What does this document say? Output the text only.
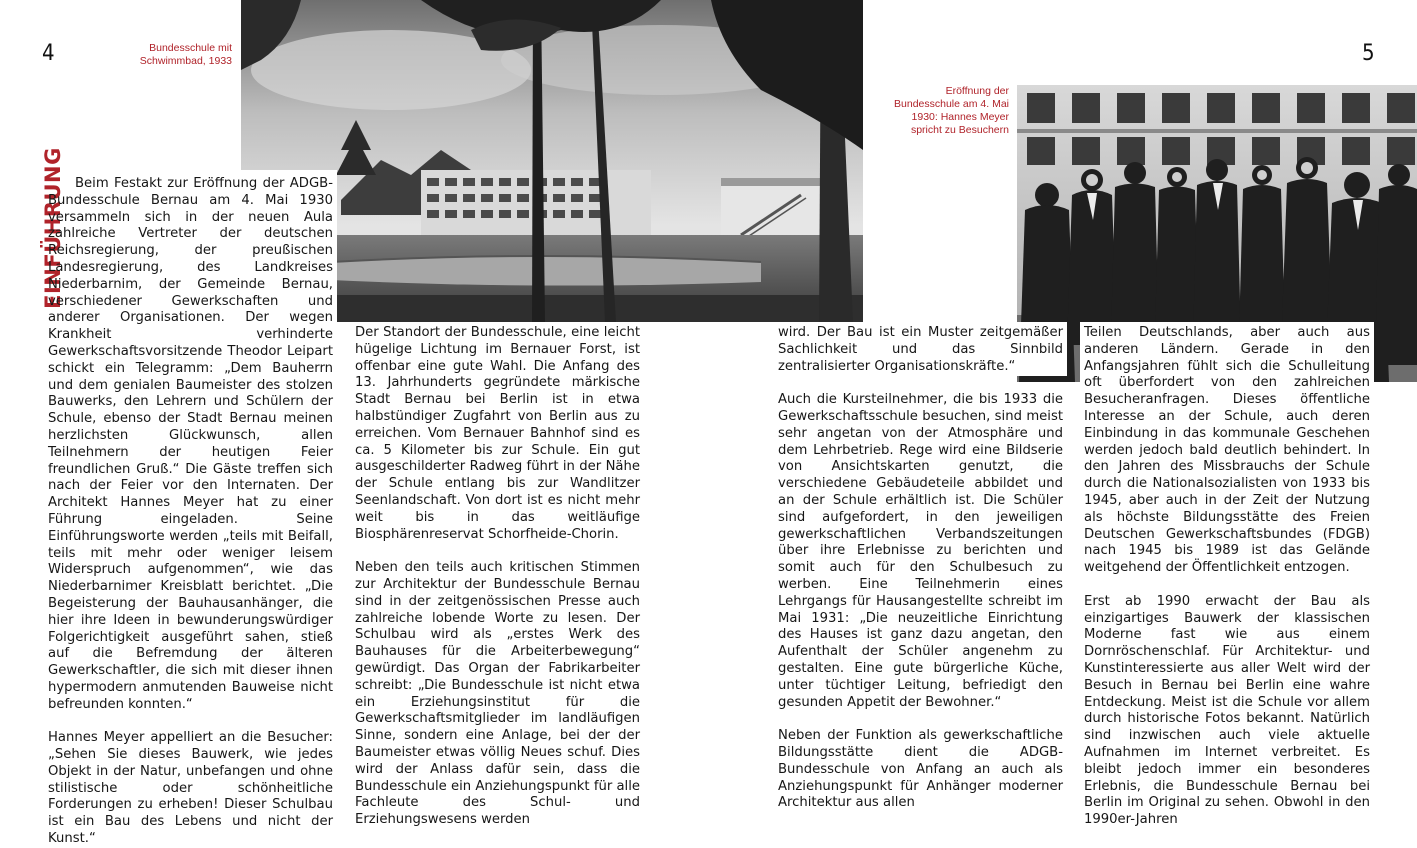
4	5
Bundesschule mit
Schwimmbad, 1933
Eröffnung der
Bundesschule am 4. Mai
1930: Hannes Meyer
spricht zu Besuchern
EINFÜHRUNG Beim Festakt zur Eröffnung der ADGB-Bundesschule Bernau am 4. Mai 1930 versammeln sich in der neuen Aula zahlreiche Vertreter der deutschen Reichsregierung, der preußischen Landesregierung, des Landkreises Niederbarnim, der Gemeinde Bernau, verschiedener Gewerkschaften und anderer Organisationen. Der wegen Krankheit verhinderte Gewerkschaftsvorsitzende Theodor Leipart schickt ein Telegramm: „Dem Bauherrn und dem genialen Baumeister des stolzen Bauwerks, den Lehrern und Schülern der Schule, ebenso der Stadt Bernau meinen herzlichsten Glückwunsch, allen Teilnehmern der heutigen Feier freundlichen Gruß.“ Die Gäste treffen sich nach der Feier vor den Internaten. Der Architekt Hannes Meyer hat zu einer Führung eingeladen. Seine Einführungsworte werden „teils mit Beifall, teils mit mehr oder weniger leisem Widerspruch aufgenommen“, wie das Niederbarnimer Kreisblatt berichtet. „Die Begeisterung der Bauhausanhänger, die hier ihre Ideen in bewunderungswürdiger Folgerichtigkeit ausgeführt sahen, stieß auf die Befremdung der älteren Gewerkschaftler, die sich mit dieser ihnen hypermodern anmutenden Bauweise nicht befreunden konnten.“

Hannes Meyer appelliert an die Besucher: „Sehen Sie dieses Bauwerk, wie jedes Objekt in der Natur, unbefangen und ohne stilistische oder schönheitliche Forderungen zu erheben! Dieser Schulbau ist ein Bau des Lebens und nicht der Kunst.“

Der Standort der Bundesschule, eine leicht hügelige Lichtung im Bernauer Forst, ist offenbar eine gute Wahl. Die Anfang des 13. Jahrhunderts gegründete märkische Stadt Bernau bei Berlin ist in etwa halbstündiger Zugfahrt von Berlin aus zu erreichen. Vom Bernauer Bahnhof sind es ca. 5 Kilometer bis zur Schule. Ein gut ausgeschilderter Radweg führt in der Nähe der Schule entlang bis zur Wandlitzer Seenlandschaft. Von dort ist es nicht mehr weit bis in das weitläufige Biosphärenreservat Schorfheide-Chorin.

Neben den teils auch kritischen Stimmen zur Architektur der Bundesschule Bernau sind in der zeitgenössischen Presse auch zahlreiche lobende Worte zu lesen. Der Schulbau wird als „erstes Werk des Bauhauses für die Arbeiterbewegung“ gewürdigt. Das Organ der Fabrikarbeiter schreibt: „Die Bundesschule ist nicht etwa ein Erziehungsinstitut für die Gewerkschaftsmitglieder im landläufigen Sinne, sondern eine Anlage, bei der der Baumeister etwas völlig Neues schuf. Dies wird der Anlass dafür sein, dass die Bundesschule ein Anziehungspunkt für alle Fachleute des Schul- und Erziehungswesens werden

wird. Der Bau ist ein Muster zeitgemäßer Sachlichkeit und das Sinnbild zentralisierter Organisationskräfte.“

Auch die Kursteilnehmer, die bis 1933 die Gewerkschaftsschule besuchen, sind meist sehr angetan von der Atmosphäre und dem Lehrbetrieb. Rege wird eine Bildserie von Ansichtskarten genutzt, die verschiedene Gebäudeteile abbildet und an der Schule erhältlich ist. Die Schüler sind aufgefordert, in den jeweiligen gewerkschaftlichen Verbandszeitungen über ihre Erlebnisse zu berichten und somit auch für den Schulbesuch zu werben. Eine Teilnehmerin eines Lehrgangs für Hausangestellte schreibt im Mai 1931: „Die neuzeitliche Einrichtung des Hauses ist ganz dazu angetan, den Aufenthalt der Schüler angenehm zu gestalten. Eine gute bürgerliche Küche, unter tüchtiger Leitung, befriedigt den gesunden Appetit der Bewohner.“

Neben der Funktion als gewerkschaftliche Bildungsstätte dient die ADGB-Bundesschule von Anfang an auch als Anziehungspunkt für Anhänger moderner Architektur aus allen

Teilen Deutschlands, aber auch aus anderen Ländern. Gerade in den Anfangsjahren fühlt sich die Schulleitung oft überfordert von den zahlreichen Besucheranfragen. Dieses öffentliche Interesse an der Schule, auch deren Einbindung in das kommunale Geschehen werden jedoch bald deutlich behindert. In den Jahren des Missbrauchs der Schule durch die Nationalsozialisten von 1933 bis 1945, aber auch in der Zeit der Nutzung als höchste Bildungsstätte des Freien Deutschen Gewerkschaftsbundes (FDGB) nach 1945 bis 1989 ist das Gelände weitgehend der Öffentlichkeit entzogen.

Erst ab 1990 erwacht der Bau als einzigartiges Bauwerk der klassischen Moderne fast wie aus einem Dornröschenschlaf. Für Architektur- und Kunstinteressierte aus aller Welt wird der Besuch in Bernau bei Berlin eine wahre Entdeckung. Meist ist die Schule vor allem durch historische Fotos bekannt. Natürlich sind inzwischen auch viele aktuelle Aufnahmen im Internet verbreitet. Es bleibt jedoch immer ein besonderes Erlebnis, die Bundesschule Bernau bei Berlin im Original zu sehen. Obwohl in den 1990er-Jahren
